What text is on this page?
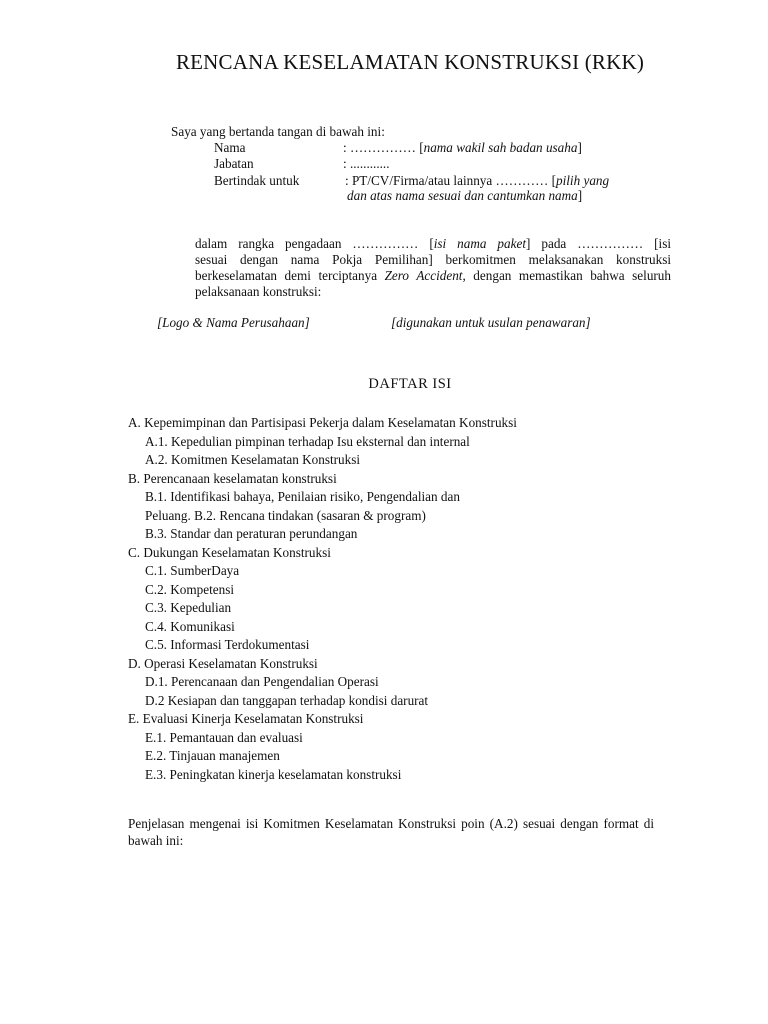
RENCANA KESELAMATAN KONSTRUKSI (RKK)
Saya yang bertanda tangan di bawah ini:
Nama	: …………… [nama wakil sah badan usaha]
Jabatan	: ............
Bertindak untuk	: PT/CV/Firma/atau lainnya ………… [pilih yang
dan atas nama sesuai dan cantumkan nama]
dalam rangka pengadaan …………… [isi nama paket] pada …………… [isi
sesuai dengan nama Pokja Pemilihan] berkomitmen melaksanakan konstruksi
berkeselamatan demi terciptanya Zero Accident, dengan memastikan bahwa seluruh
pelaksanaan konstruksi:
[Logo & Nama Perusahaan]	[digunakan untuk usulan penawaran]
DAFTAR ISI
A. Kepemimpinan dan Partisipasi Pekerja dalam Keselamatan Konstruksi
A.1. Kepedulian pimpinan terhadap Isu eksternal dan internal
A.2. Komitmen Keselamatan Konstruksi
B. Perencanaan keselamatan konstruksi
B.1. Identifikasi bahaya, Penilaian risiko, Pengendalian dan
Peluang. B.2. Rencana tindakan (sasaran & program)
B.3. Standar dan peraturan perundangan
C. Dukungan Keselamatan Konstruksi
C.1. SumberDaya
C.2. Kompetensi
C.3. Kepedulian
C.4. Komunikasi
C.5. Informasi Terdokumentasi
D. Operasi Keselamatan Konstruksi
D.1. Perencanaan dan Pengendalian Operasi
D.2 Kesiapan dan tanggapan terhadap kondisi darurat
E. Evaluasi Kinerja Keselamatan Konstruksi
E.1. Pemantauan dan evaluasi
E.2. Tinjauan manajemen
E.3. Peningkatan kinerja keselamatan konstruksi
Penjelasan mengenai isi Komitmen Keselamatan Konstruksi poin (A.2) sesuai dengan format di
bawah ini:
